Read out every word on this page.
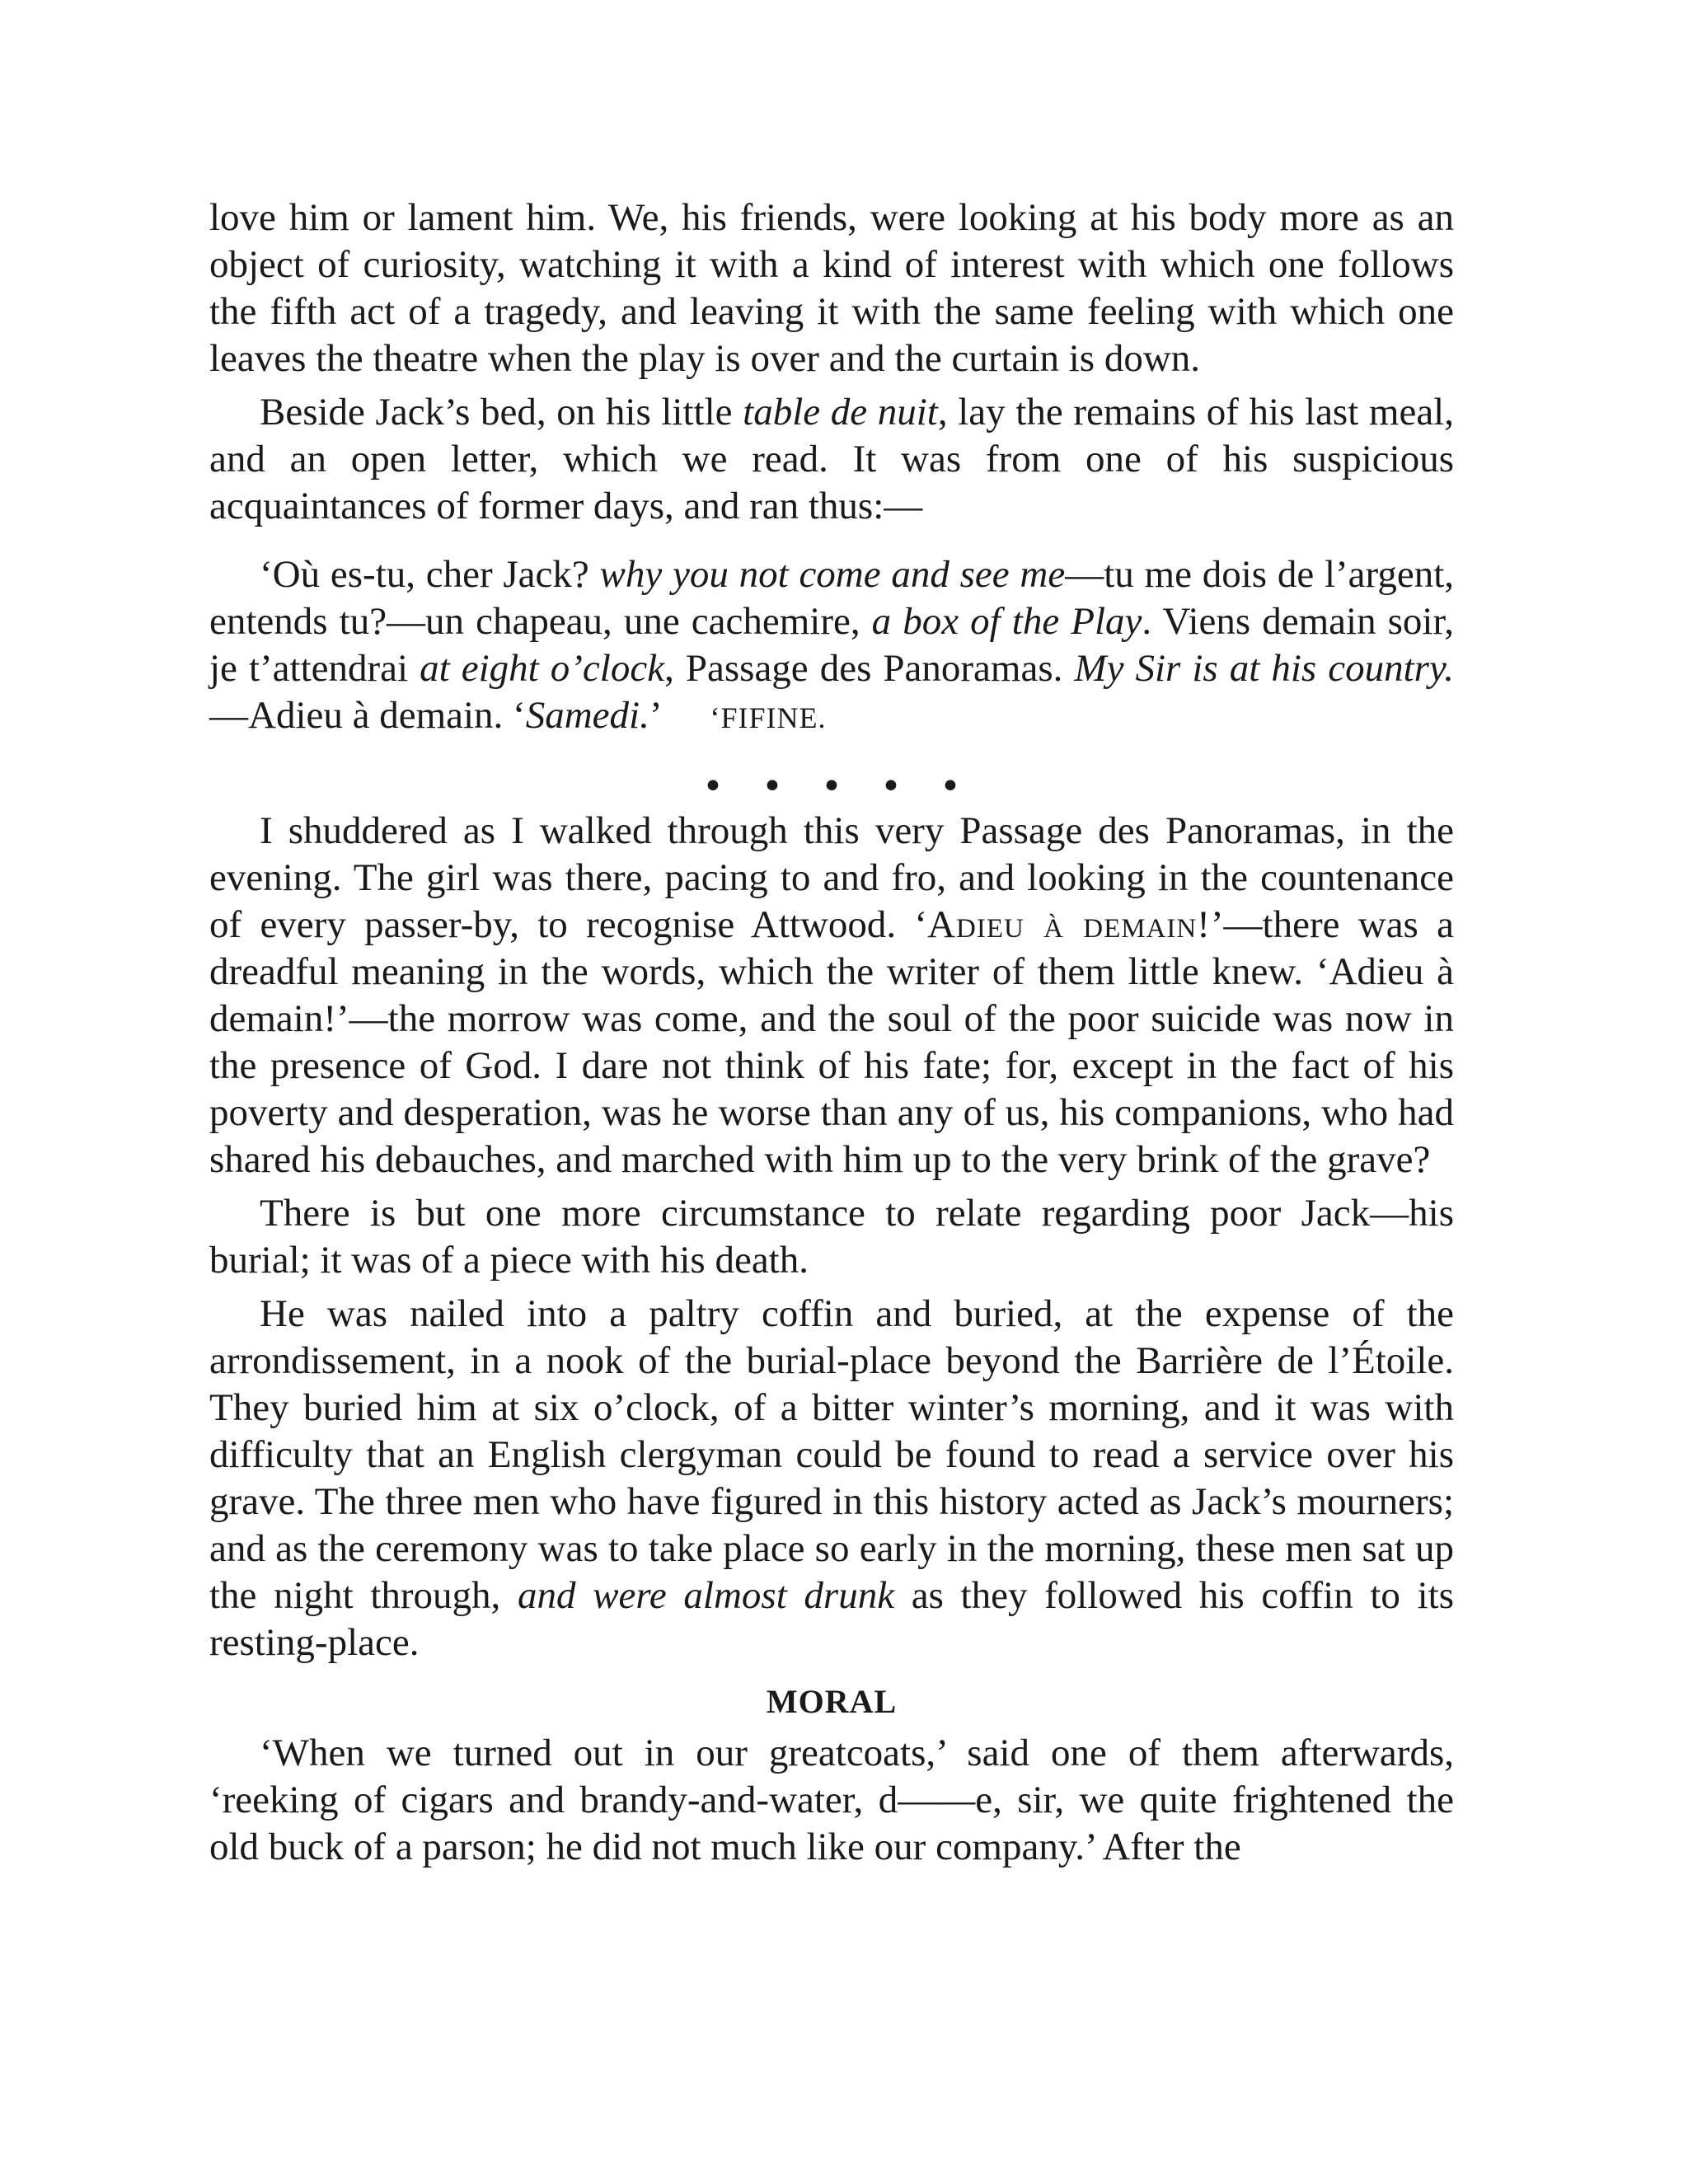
love him or lament him. We, his friends, were looking at his body more as an object of curiosity, watching it with a kind of interest with which one follows the fifth act of a tragedy, and leaving it with the same feeling with which one leaves the theatre when the play is over and the curtain is down.

Beside Jack’s bed, on his little table de nuit, lay the remains of his last meal, and an open letter, which we read. It was from one of his suspicious acquaintances of former days, and ran thus:—

‘Où es-tu, cher Jack? why you not come and see me—tu me dois de l’argent, entends tu?—un chapeau, une cachemire, a box of the Play. Viens demain soir, je t’attendrai at eight o’clock, Passage des Panoramas. My Sir is at his country.—Adieu à demain. ‘Samedi.’ ‘FIFINE.

• • • • •

I shuddered as I walked through this very Passage des Panoramas, in the evening. The girl was there, pacing to and fro, and looking in the countenance of every passer-by, to recognise Attwood. ‘Adieu à demain!’—there was a dreadful meaning in the words, which the writer of them little knew. ‘Adieu à demain!’—the morrow was come, and the soul of the poor suicide was now in the presence of God. I dare not think of his fate; for, except in the fact of his poverty and desperation, was he worse than any of us, his companions, who had shared his debauches, and marched with him up to the very brink of the grave?

There is but one more circumstance to relate regarding poor Jack—his burial; it was of a piece with his death.

He was nailed into a paltry coffin and buried, at the expense of the arrondissement, in a nook of the burial-place beyond the Barrière de l’Étoile. They buried him at six o’clock, of a bitter winter’s morning, and it was with difficulty that an English clergyman could be found to read a service over his grave. The three men who have figured in this history acted as Jack’s mourners; and as the ceremony was to take place so early in the morning, these men sat up the night through, and were almost drunk as they followed his coffin to its resting-place.

MORAL

‘When we turned out in our greatcoats,’ said one of them afterwards, ‘reeking of cigars and brandy-and-water, d——e, sir, we quite frightened the old buck of a parson; he did not much like our company.’ After the
